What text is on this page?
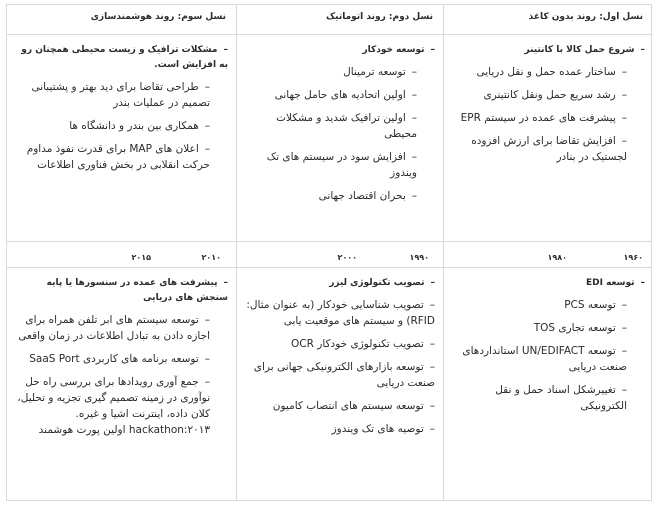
نسل اول: روند بدون کاغذ
نسل دوم: روند اتوماتیک
نسل سوم: روند هوشمندسازی
–شروع حمل کالا با کانتینر
–ساختار عمده حمل و نقل دریایی
–رشد سریع حمل ونقل کانتینری
–پیشرفت های عمده در سیستم EPR
–افزایش تقاضا برای ارزش افزوده لجستیک در بنادر
–توسعه خودکار
–توسعه ترمینال
–اولین اتحادیه های حامل جهانی
–اولین ترافیک شدید و مشکلات محیطی
–افزایش سود در سیستم های تک ویندوز
–بحران اقتصاد جهانی
–مشکلات ترافیک و زیست محیطی همچنان رو به افزایش است.
–طراحی تقاضا برای دید بهتر و پشتیبانی تصمیم در عملیات بندر
–همکاری بین بندر و دانشگاه ها
–اعلان های MAP برای قدرت نفوذ مداوم حرکت انقلابی در بخش فناوری اطلاعات
۱۹۶۰
۱۹۸۰
۱۹۹۰
۲۰۰۰
۲۰۱۰
۲۰۱۵
–توسعه EDI
–توسعه PCS
–توسعه تجاری TOS
–توسعه UN/EDIFACT استانداردهای صنعت دریایی
–تغییرشکل اسناد حمل و نقل الکترونیکی
–تصویب تکنولوژی لیزر
–تصویب شناسایی خودکار (به عنوان مثال: RFID) و سیستم های موقعیت یابی
–تصویب تکنولوژی خودکار OCR
–توسعه بازارهای الکترونیکی جهانی برای صنعت دریایی
–توسعه سیستم های انتصاب کامیون
–توصیه های تک ویندوز
–پیشرفت های عمده در سنسورها یا پایه سنجش های دریایی
–توسعه سیستم های ابر تلفن همراه برای اجازه دادن به تبادل اطلاعات در زمان واقعی
–توسعه برنامه های کاربردی SaaS Port
–جمع آوری رویدادها برای بررسی راه حل نوآوری در زمینه تصمیم گیری تجزیه و تحلیل، کلان داده، اینترنت اشیا و غیره. hackathon:۲۰۱۳ اولین پورت هوشمند
